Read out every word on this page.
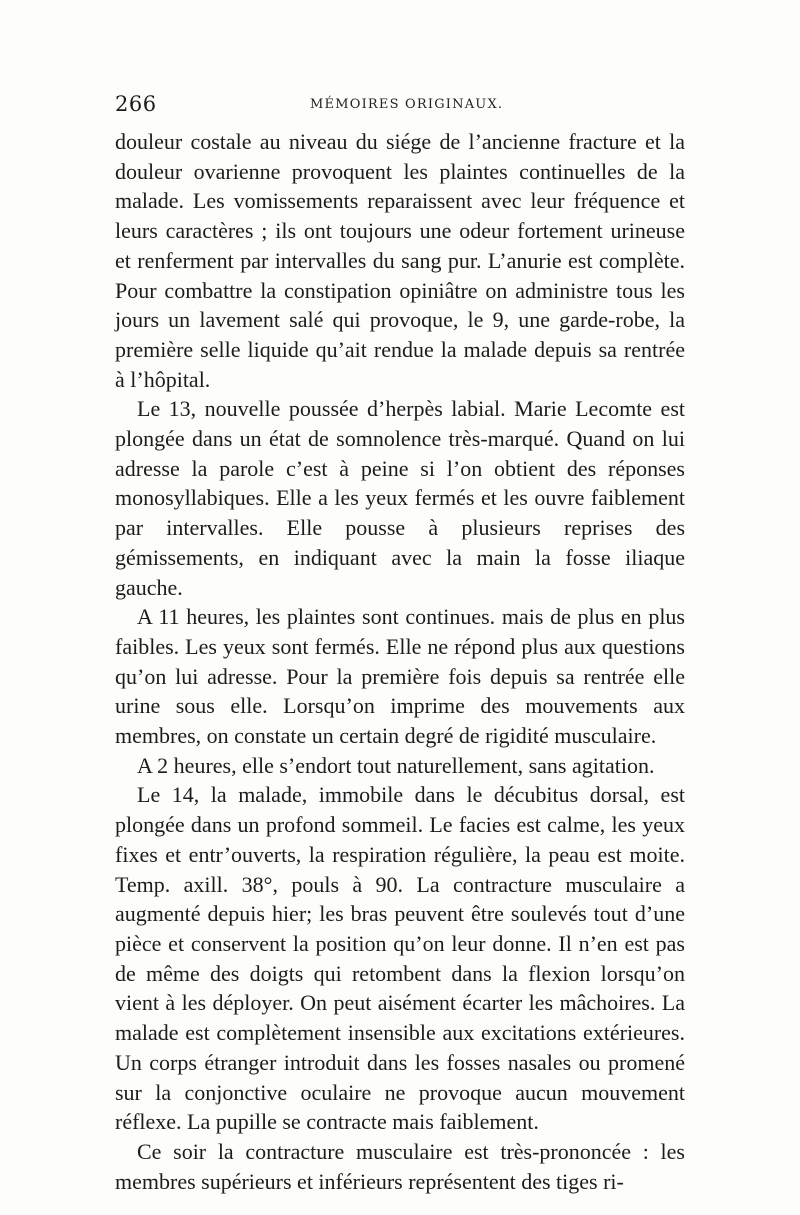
266	MÉMOIRES ORIGINAUX.

douleur costale au niveau du siége de l’ancienne fracture et la douleur ovarienne provoquent les plaintes continuelles de la malade. Les vomissements reparaissent avec leur fréquence et leurs caractères ; ils ont toujours une odeur fortement urineuse et renferment par intervalles du sang pur. L’anurie est complète. Pour combattre la constipation opiniâtre on administre tous les jours un lavement salé qui provoque, le 9, une garde-robe, la première selle liquide qu’ait rendue la malade depuis sa rentrée à l’hôpital.

Le 13, nouvelle poussée d’herpès labial. Marie Lecomte est plongée dans un état de somnolence très-marqué. Quand on lui adresse la parole c’est à peine si l’on obtient des réponses monosyllabiques. Elle a les yeux fermés et les ouvre faiblement par intervalles. Elle pousse à plusieurs reprises des gémissements, en indiquant avec la main la fosse iliaque gauche.

A 11 heures, les plaintes sont continues. mais de plus en plus faibles. Les yeux sont fermés. Elle ne répond plus aux questions qu’on lui adresse. Pour la première fois depuis sa rentrée elle urine sous elle. Lorsqu’on imprime des mouvements aux membres, on constate un certain degré de rigidité musculaire.

A 2 heures, elle s’endort tout naturellement, sans agitation.

Le 14, la malade, immobile dans le décubitus dorsal, est plongée dans un profond sommeil. Le facies est calme, les yeux fixes et entr’ouverts, la respiration régulière, la peau est moite. Temp. axill. 38°, pouls à 90. La contracture musculaire a augmenté depuis hier; les bras peuvent être soulevés tout d’une pièce et conservent la position qu’on leur donne. Il n’en est pas de même des doigts qui retombent dans la flexion lorsqu’on vient à les déployer. On peut aisément écarter les mâchoires. La malade est complètement insensible aux excitations extérieures. Un corps étranger introduit dans les fosses nasales ou promené sur la conjonctive oculaire ne provoque aucun mouvement réflexe. La pupille se contracte mais faiblement.

Ce soir la contracture musculaire est très-prononcée : les membres supérieurs et inférieurs représentent des tiges ri-
